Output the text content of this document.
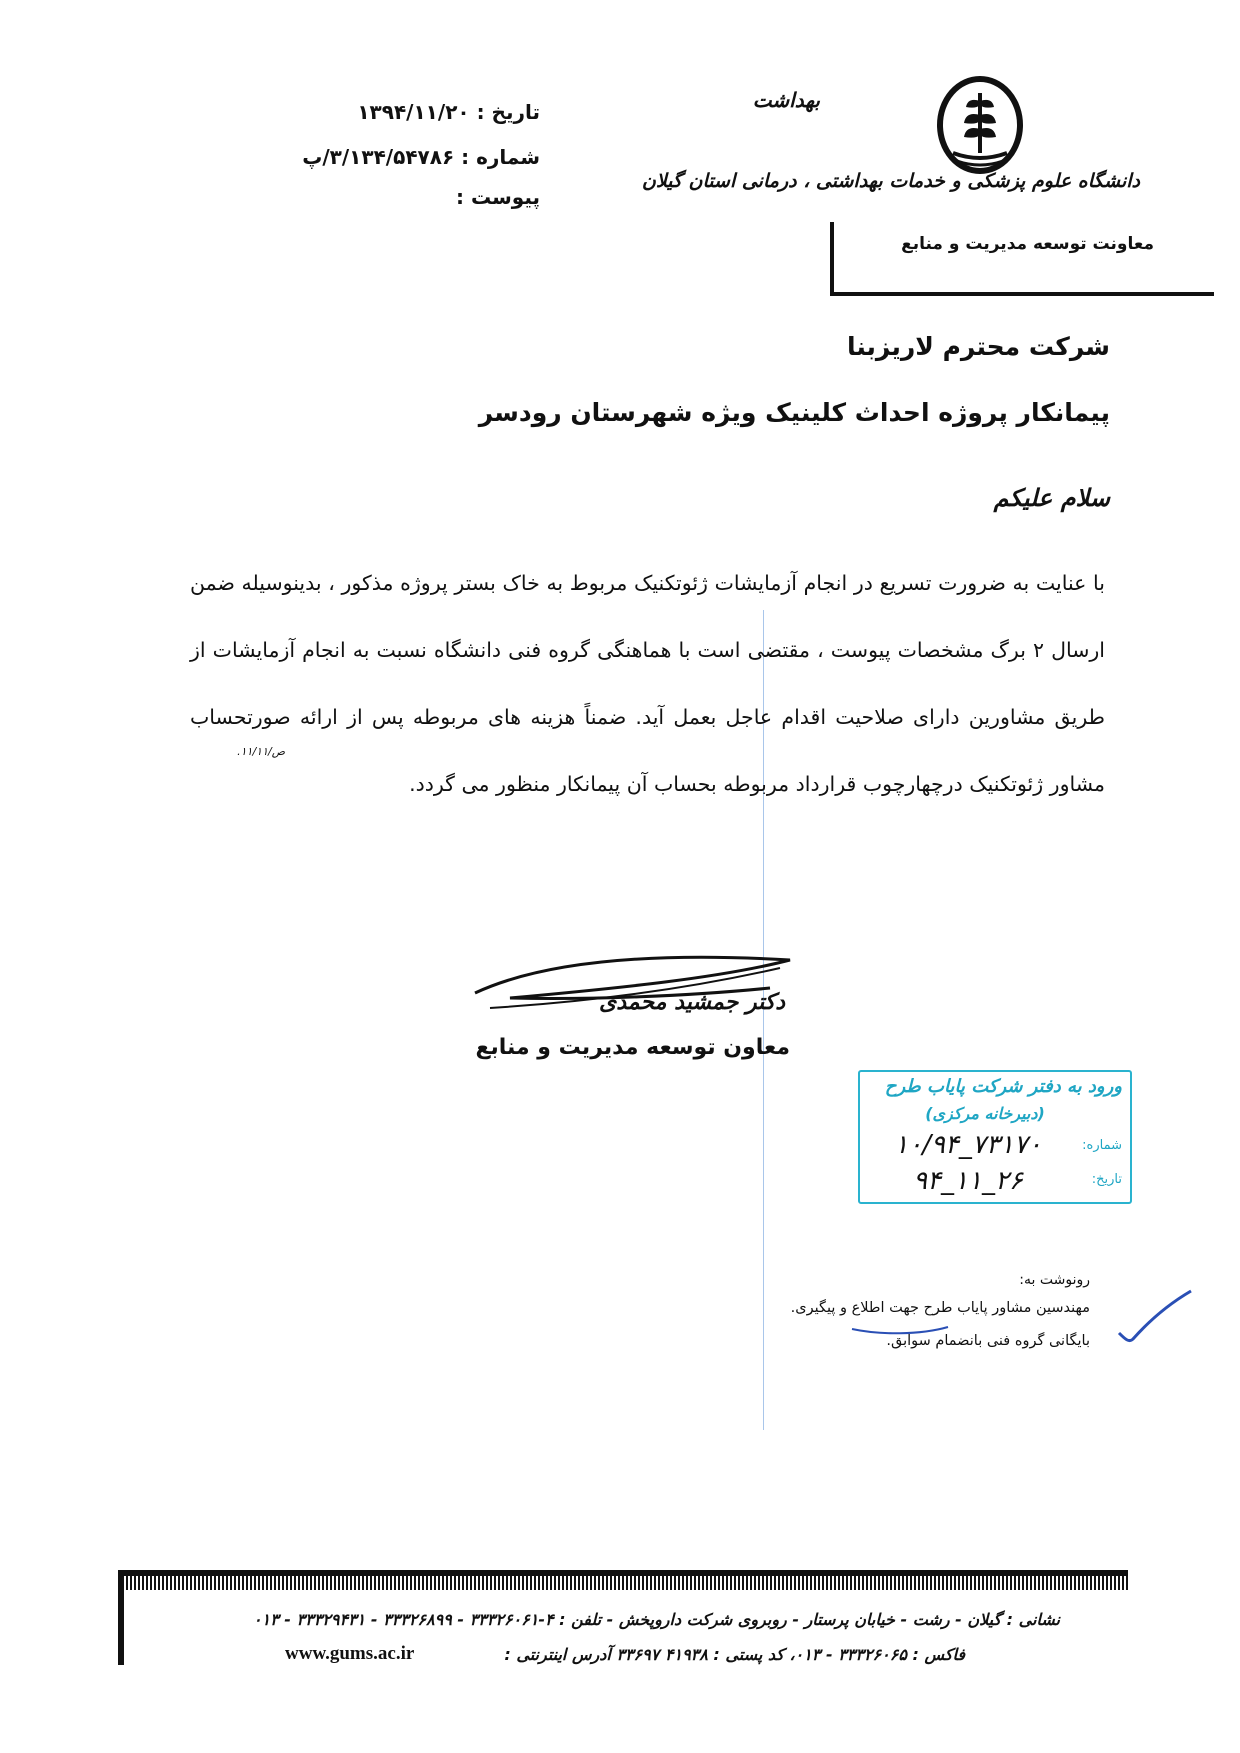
بهداشت
دانشگاه علوم پزشکی و خدمات بهداشتی ، درمانی استان گیلان
معاونت توسعه مدیریت و منابع
تاریخ : ۱۳۹۴/۱۱/۲۰
شماره : ۳/۱۳۴/۵۴۷۸۶/پ
پیوست :
شرکت محترم لاریزبنا
پیمانکار پروژه احداث کلینیک ویژه شهرستان رودسر
سلام علیکم
با عنایت به ضرورت تسریع در انجام آزمایشات ژئوتکنیک مربوط به خاک بستر پروژه مذکور ، بدینوسیله ضمن ارسال ۲ برگ مشخصات پیوست ، مقتضی است با هماهنگی گروه فنی دانشگاه نسبت به انجام آزمایشات از طریق مشاورین دارای صلاحیت اقدام عاجل بعمل آید. ضمناً هزینه های مربوطه پس از ارائه صورتحساب مشاور ژئوتکنیک درچهارچوب قرارداد مربوطه بحساب آن پیمانکار منظور می گردد.
ص/۱۱/۱۱.
دکتر جمشید محمدی
معاون توسعه مدیریت و منابع
ورود به دفتر شرکت پایاب طرح
(دبیرخانه مرکزی)
شماره:
۱۰/۹۴_۷۳۱۷۰
تاریخ:
۹۴_۱۱_۲۶
رونوشت به:
مهندسین مشاور پایاب طرح جهت اطلاع و پیگیری.
بایگانی گروه فنی بانضمام سوابق.
نشانی : گیلان - رشت - خیابان پرستار - روبروی شرکت داروپخش - تلفن : ۴-۳۳۳۲۶۰۶۱ - ۳۳۳۲۶۸۹۹ - ۳۳۳۲۹۴۳۱ - ۰۱۳
فاکس : ۳۳۳۲۶۰۶۵ - ۰۱۳، کد پستی : ۴۱۹۳۸ ۳۳۶۹۷ آدرس اینترنتی :
www.gums.ac.ir
